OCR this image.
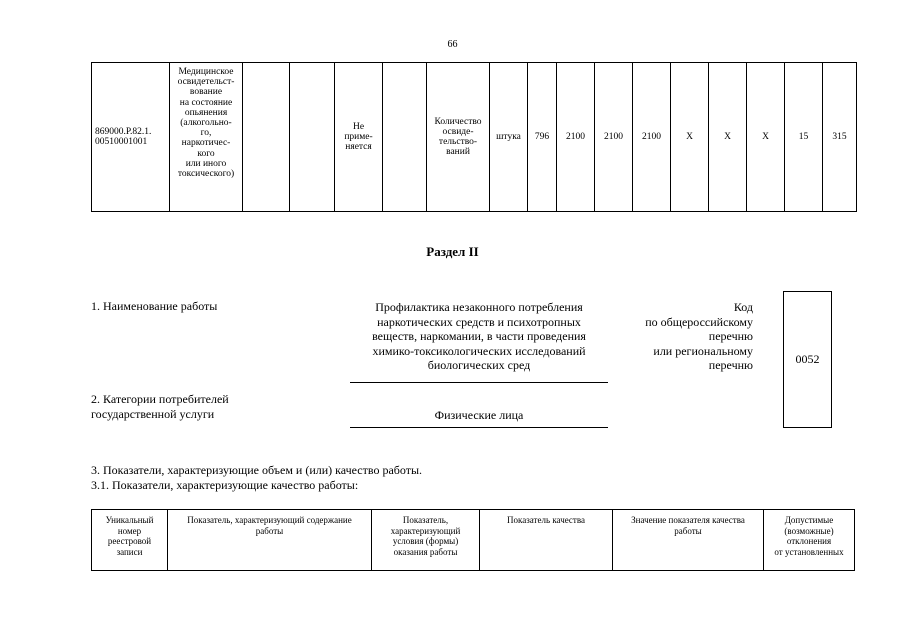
66
869000.Р.82.1.
00510001001	Медицинское
освидетельст-
вование
на состояние
опьянения
(алкогольно-
го,
наркотичес-
кого
или иного
токсического)			Не
приме-
няется		Количество
освиде-
тельство-
ваний	штука	796	2100	2100	2100	X	X	X	15	315
Раздел II
1. Наименование работы	Профилактика незаконного потребления
наркотических средств и психотропных
веществ, наркомании, в части проведения
химико-токсикологических исследований
биологических сред
Код
по общероссийскому
перечню
или региональному
перечню	0052
2. Категории потребителей
государственной услуги	Физические лица
3. Показатели, характеризующие объем и (или) качество работы.
3.1. Показатели, характеризующие качество работы:
Уникальный
номер
реестровой
записи	Показатель, характеризующий содержание
работы	Показатель,
характеризующий
условия (формы)
оказания работы	Показатель качества	Значение показателя качества
работы	Допустимые
(возможные)
отклонения
от установленных
